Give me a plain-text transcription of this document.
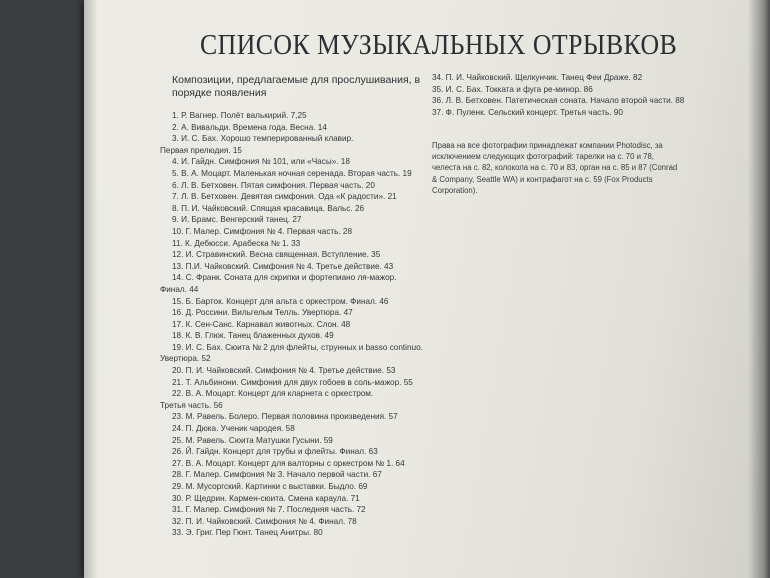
СПИСОК МУЗЫКАЛЬНЫХ ОТРЫВКОВ
Композиции, предлагаемые для прослушивания, в порядке появления
1. Р. Вагнер. Полёт валькирий. 7,25
2. А. Вивальди. Времена года. Весна. 14
3. И. С. Бах. Хорошо темперированный клавир.
Первая прелюдия. 15
4. И. Гайдн. Симфония № 101, или «Часы». 18
5. В. А. Моцарт. Маленькая ночная серенада. Вторая часть. 19
6. Л. В. Бетховен. Пятая симфония. Первая часть. 20
7. Л. В. Бетховен. Девятая симфония. Ода «К радости». 21
8. П. И. Чайковский. Спящая красавица. Вальс. 26
9. И. Брамс. Венгерский танец. 27
10. Г. Малер. Симфония № 4. Первая часть. 28
11. К. Дебюсси. Арабеска № 1. 33
12. И. Стравинский. Весна священная. Вступление. 35
13. П.И. Чайковский. Симфония № 4. Третье действие. 43
14. С. Франк. Соната для скрипки и фортепиано ля-мажор.
Финал. 44
15. Б. Барток. Концерт для альта с оркестром. Финал. 46
16. Д. Россини. Вильгельм Телль. Увертюра. 47
17. К. Сен-Санс. Карнавал животных. Слон. 48
18. К. В. Глюк. Танец блаженных духов. 49
19. И. С. Бах. Сюита № 2 для флейты, струнных и basso continuo.
Увертюра. 52
20. П. И. Чайковский. Симфония № 4. Третье действие. 53
21. Т. Альбинони. Симфония для двух гобоев в соль-мажор. 55
22. В. А. Моцарт. Концерт для кларнета с оркестром.
Третья часть. 56
23. М. Равель. Болеро. Первая половина произведения. 57
24. П. Дюка. Ученик чародея. 58
25. М. Равель. Сюита Матушки Гусыни. 59
26. Й. Гайдн. Концерт для трубы и флейты. Финал. 63
27. В. А. Моцарт. Концерт для валторны с оркестром № 1. 64
28. Г. Малер. Симфония № 3. Начало первой части. 67
29. М. Мусоргский. Картинки с выставки. Быдло. 69
30. Р. Щедрин. Кармен-сюита. Смена караула. 71
31. Г. Малер. Симфония № 7. Последняя часть. 72
32. П. И. Чайковский. Симфония № 4. Финал. 78
33. Э. Григ. Пер Гюнт. Танец Анитры. 80
34. П. И. Чайковский. Щелкунчик. Танец Феи Драже. 82
35. И. С. Бах. Токката и фуга ре-минор. 86
36. Л. В. Бетховен. Патетическая соната. Начало второй части. 88
37. Ф. Пуленк. Сельский концерт. Третья часть. 90
Права на все фотографии принадлежат компании Photodisc, за исключением следующих фотографий: тарелки на с. 70 и 78, челеста на с. 82, колокола на с. 70 и 83, орган на с. 85 и 87 (Conrad & Company, Seattle WA) и контрафагот на с. 59 (Fox Products Corporation).
